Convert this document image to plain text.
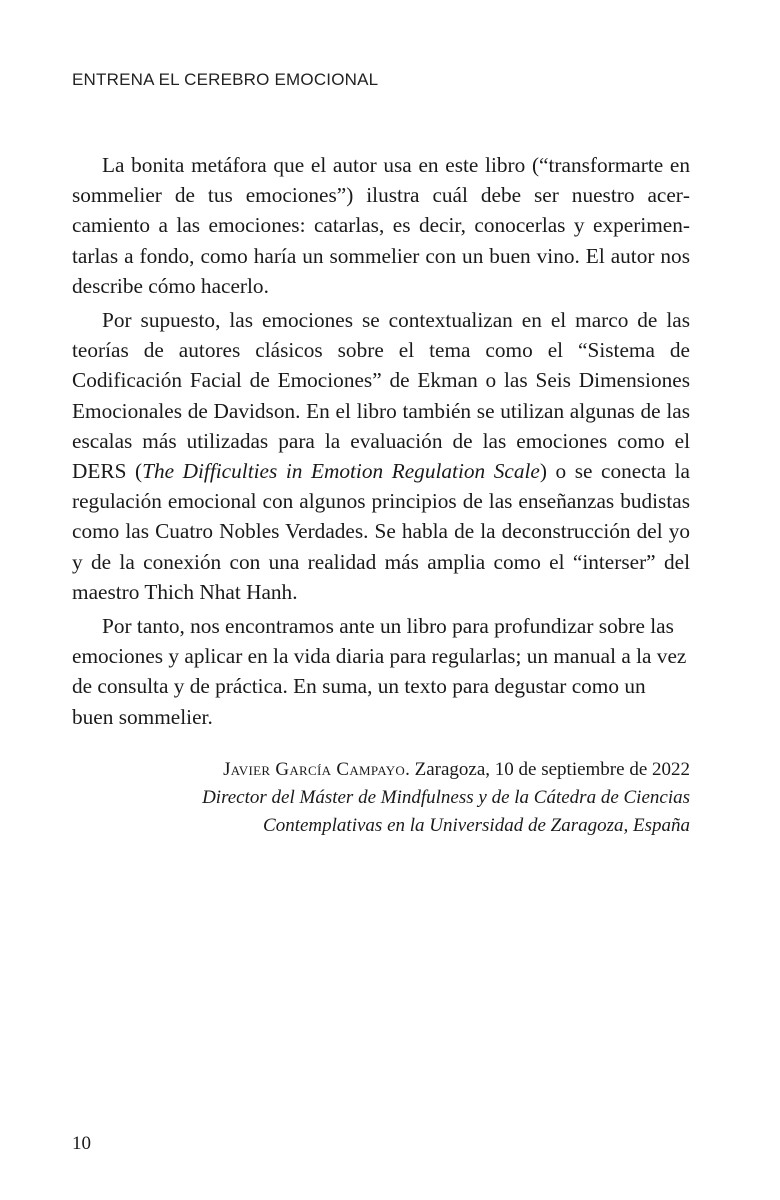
ENTRENA EL CEREBRO EMOCIONAL

La bonita metáfora que el autor usa en este libro (“transformarte en sommelier de tus emociones”) ilustra cuál debe ser nuestro acercamiento a las emociones: catarlas, es decir, conocerlas y experimentarlas a fondo, como haría un sommelier con un buen vino. El autor nos describe cómo hacerlo.

Por supuesto, las emociones se contextualizan en el marco de las teorías de autores clásicos sobre el tema como el “Sistema de Codificación Facial de Emociones” de Ekman o las Seis Dimensiones Emocionales de Davidson. En el libro también se utilizan algunas de las escalas más utilizadas para la evaluación de las emociones como el DERS (The Difficulties in Emotion Regulation Scale) o se conecta la regulación emocional con algunos principios de las enseñanzas budistas como las Cuatro Nobles Verdades. Se habla de la deconstrucción del yo y de la conexión con una realidad más amplia como el “interser” del maestro Thich Nhat Hanh.

Por tanto, nos encontramos ante un libro para profundizar sobre las emociones y aplicar en la vida diaria para regularlas; un manual a la vez de consulta y de práctica. En suma, un texto para degustar como un buen sommelier.

Javier García Campayo. Zaragoza, 10 de septiembre de 2022
Director del Máster de Mindfulness y de la Cátedra de Ciencias
Contemplativas en la Universidad de Zaragoza, España
10
